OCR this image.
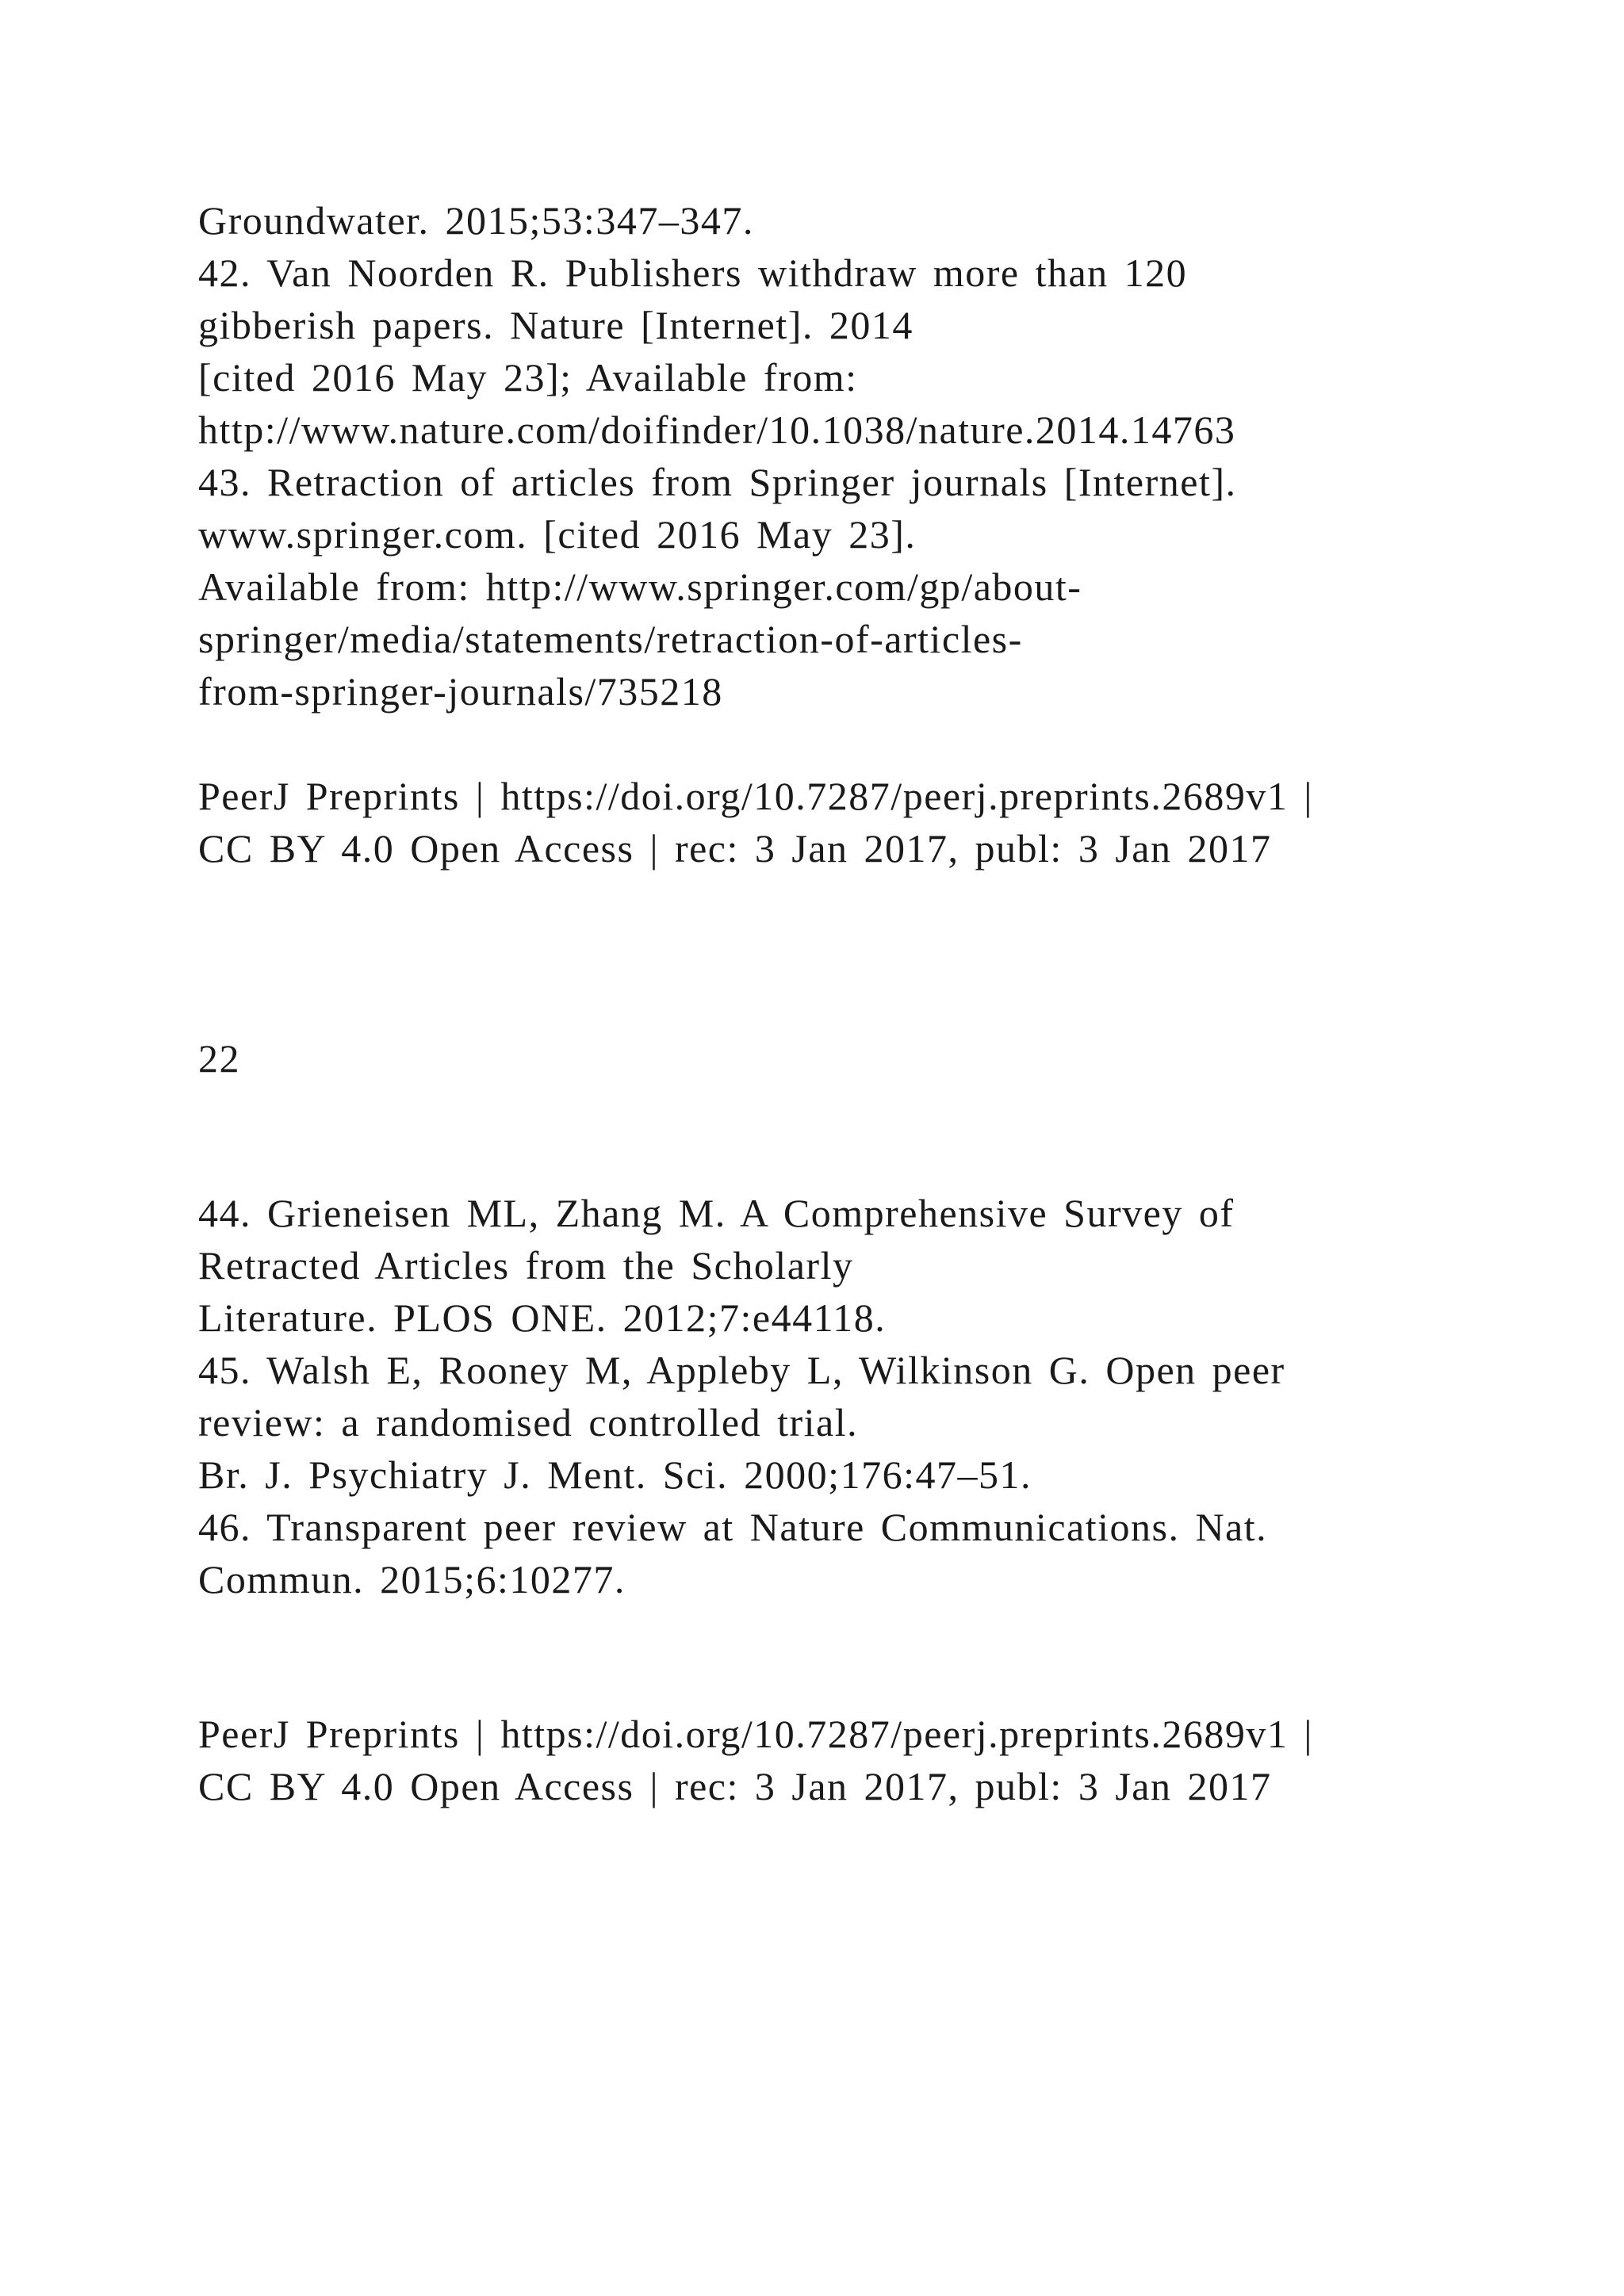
Groundwater. 2015;53:347–347.
42. Van Noorden R. Publishers withdraw more than 120
gibberish papers. Nature [Internet]. 2014
[cited 2016 May 23]; Available from:
http://www.nature.com/doifinder/10.1038/nature.2014.14763
43. Retraction of articles from Springer journals [Internet].
www.springer.com. [cited 2016 May 23].
Available from: http://www.springer.com/gp/about-
springer/media/statements/retraction-of-articles-
from-springer-journals/735218
PeerJ Preprints | https://doi.org/10.7287/peerj.preprints.2689v1 |
CC BY 4.0 Open Access | rec: 3 Jan 2017, publ: 3 Jan 2017
22
44. Grieneisen ML, Zhang M. A Comprehensive Survey of
Retracted Articles from the Scholarly
Literature. PLOS ONE. 2012;7:e44118.
45. Walsh E, Rooney M, Appleby L, Wilkinson G. Open peer
review: a randomised controlled trial.
Br. J. Psychiatry J. Ment. Sci. 2000;176:47–51.
46. Transparent peer review at Nature Communications. Nat.
Commun. 2015;6:10277.
PeerJ Preprints | https://doi.org/10.7287/peerj.preprints.2689v1 |
CC BY 4.0 Open Access | rec: 3 Jan 2017, publ: 3 Jan 2017
